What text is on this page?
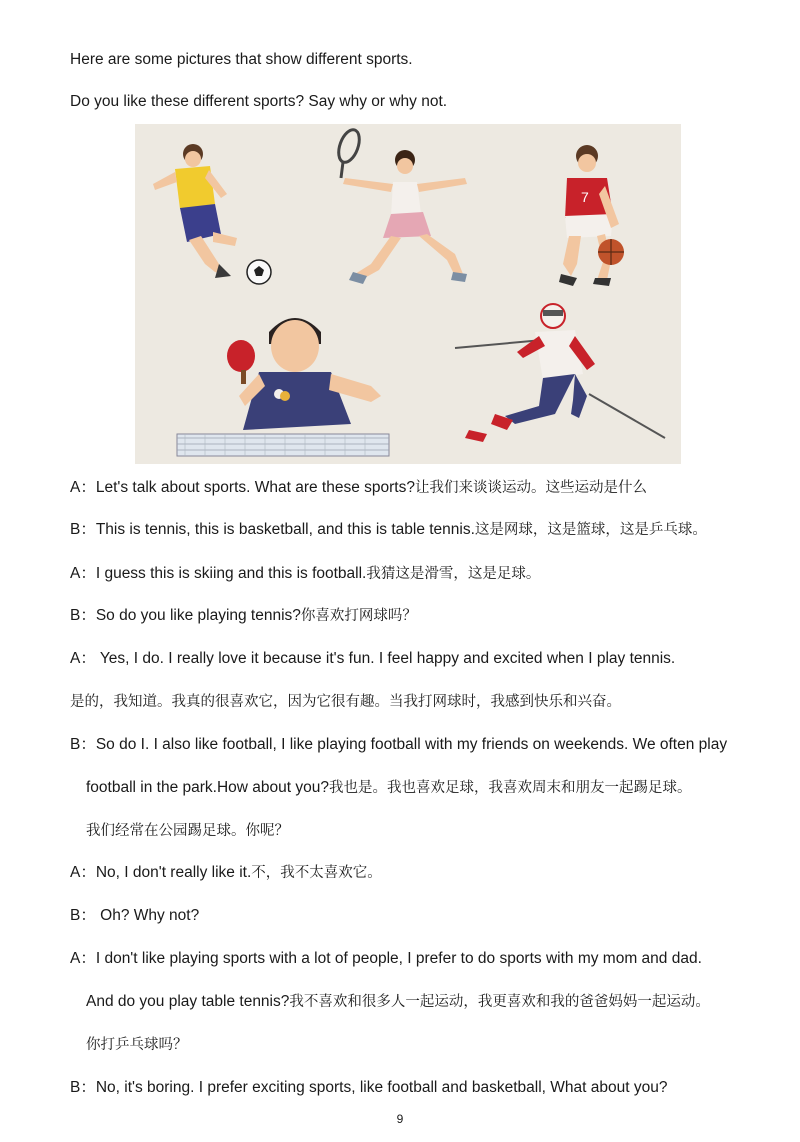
Here are some pictures that show different sports.
Do you like these different sports? Say why or why not.
7
A：Let's talk about sports. What are these sports?让我们来谈谈运动。这些运动是什么
B：This is tennis, this is basketball, and this is table tennis.这是网球，这是篮球，这是乒乓球。
A：I guess this is skiing and this is football.我猜这是滑雪，这是足球。
B：So do you like playing tennis?你喜欢打网球吗？
A： Yes, I do. I really love it because it's fun. I feel happy and excited when I play tennis.
是的，我知道。我真的很喜欢它，因为它很有趣。当我打网球时，我感到快乐和兴奋。
B：So do I. I also like football, I like playing football with my friends on weekends. We often play
football in the park.How about you?我也是。我也喜欢足球，我喜欢周末和朋友一起踢足球。
我们经常在公园踢足球。你呢？
A：No, I don't really like it.不，我不太喜欢它。
B： Oh? Why not?
A：I don't like playing sports with a lot of people, I prefer to do sports with my mom and dad.
And do you play table tennis?我不喜欢和很多人一起运动，我更喜欢和我的爸爸妈妈一起运动。
你打乒乓球吗？
B：No, it's boring. I prefer exciting sports, like football and basketball, What about you?
9
